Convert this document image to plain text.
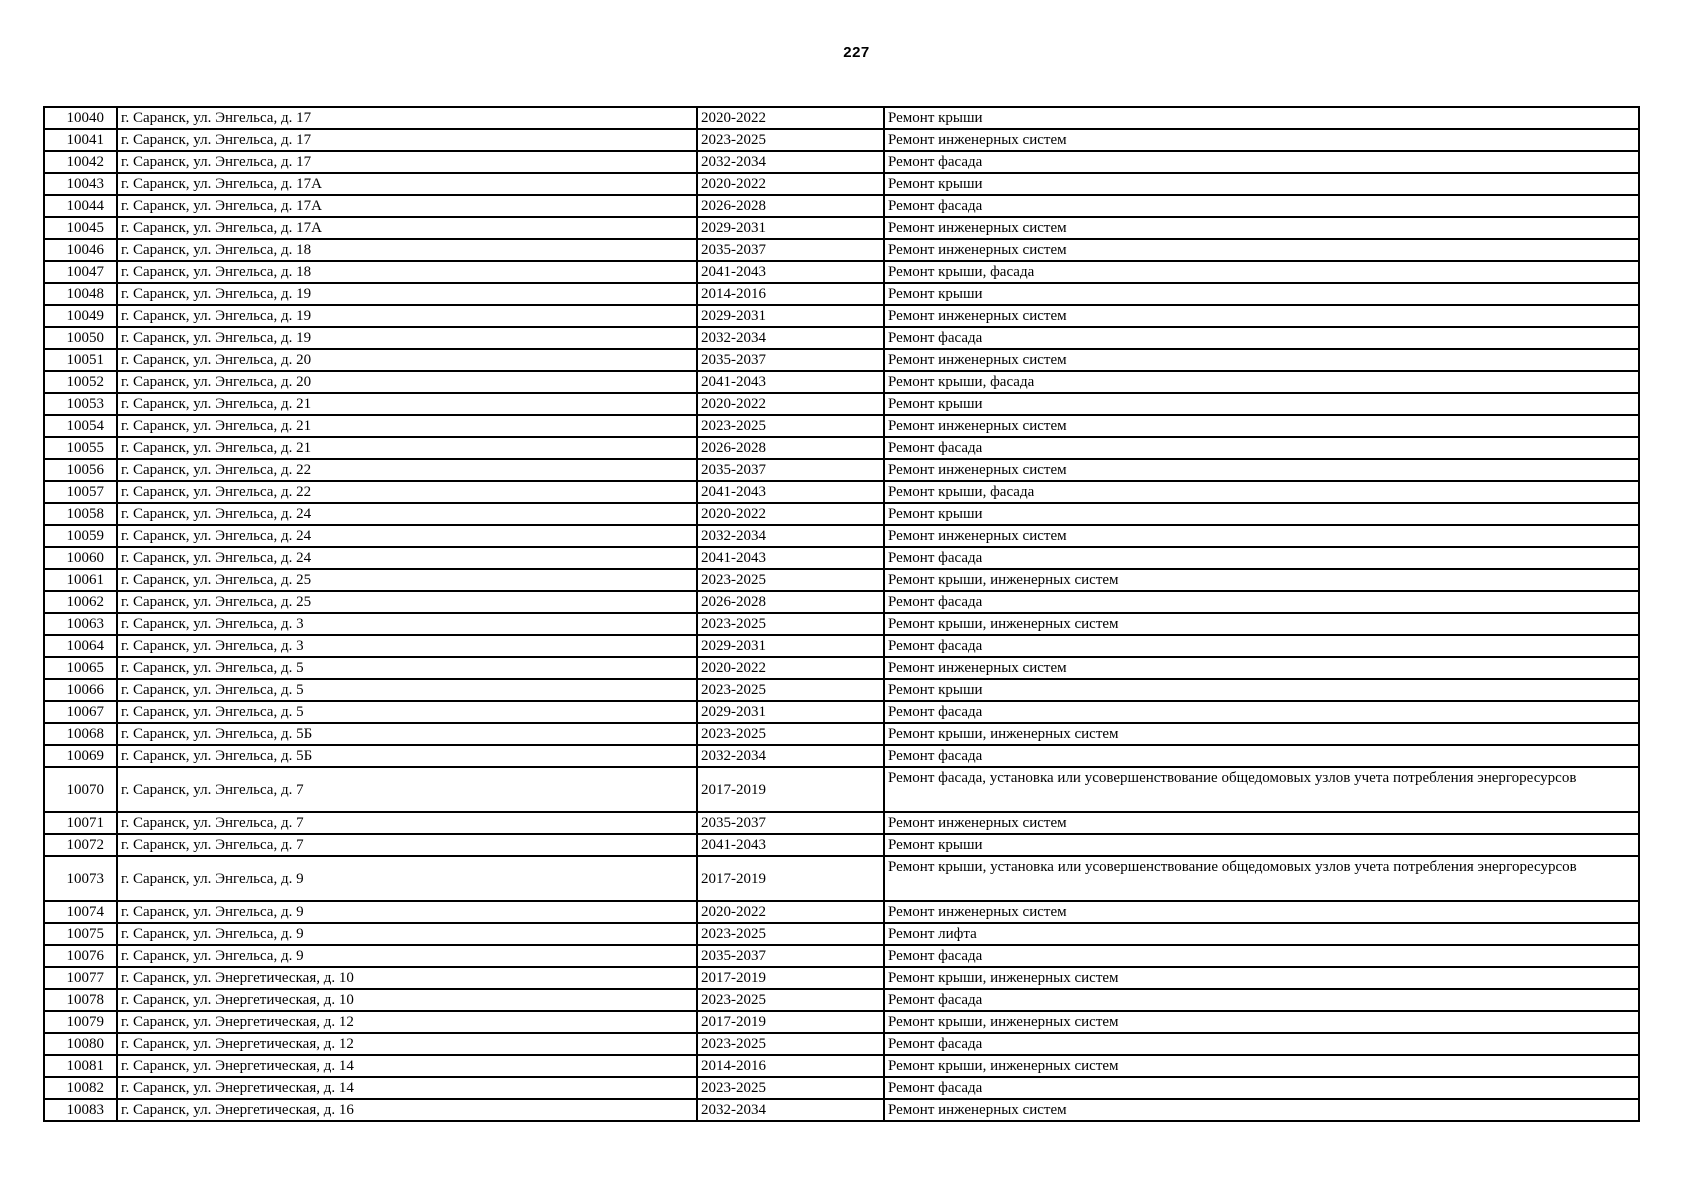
227
10040	г. Саранск, ул. Энгельса, д. 17	2020-2022	Ремонт крыши
10041	г. Саранск, ул. Энгельса, д. 17	2023-2025	Ремонт инженерных систем
10042	г. Саранск, ул. Энгельса, д. 17	2032-2034	Ремонт фасада
10043	г. Саранск, ул. Энгельса, д. 17А	2020-2022	Ремонт крыши
10044	г. Саранск, ул. Энгельса, д. 17А	2026-2028	Ремонт фасада
10045	г. Саранск, ул. Энгельса, д. 17А	2029-2031	Ремонт инженерных систем
10046	г. Саранск, ул. Энгельса, д. 18	2035-2037	Ремонт инженерных систем
10047	г. Саранск, ул. Энгельса, д. 18	2041-2043	Ремонт крыши, фасада
10048	г. Саранск, ул. Энгельса, д. 19	2014-2016	Ремонт крыши
10049	г. Саранск, ул. Энгельса, д. 19	2029-2031	Ремонт инженерных систем
10050	г. Саранск, ул. Энгельса, д. 19	2032-2034	Ремонт фасада
10051	г. Саранск, ул. Энгельса, д. 20	2035-2037	Ремонт инженерных систем
10052	г. Саранск, ул. Энгельса, д. 20	2041-2043	Ремонт крыши, фасада
10053	г. Саранск, ул. Энгельса, д. 21	2020-2022	Ремонт крыши
10054	г. Саранск, ул. Энгельса, д. 21	2023-2025	Ремонт инженерных систем
10055	г. Саранск, ул. Энгельса, д. 21	2026-2028	Ремонт фасада
10056	г. Саранск, ул. Энгельса, д. 22	2035-2037	Ремонт инженерных систем
10057	г. Саранск, ул. Энгельса, д. 22	2041-2043	Ремонт крыши, фасада
10058	г. Саранск, ул. Энгельса, д. 24	2020-2022	Ремонт крыши
10059	г. Саранск, ул. Энгельса, д. 24	2032-2034	Ремонт инженерных систем
10060	г. Саранск, ул. Энгельса, д. 24	2041-2043	Ремонт фасада
10061	г. Саранск, ул. Энгельса, д. 25	2023-2025	Ремонт крыши, инженерных систем
10062	г. Саранск, ул. Энгельса, д. 25	2026-2028	Ремонт фасада
10063	г. Саранск, ул. Энгельса, д. 3	2023-2025	Ремонт крыши, инженерных систем
10064	г. Саранск, ул. Энгельса, д. 3	2029-2031	Ремонт фасада
10065	г. Саранск, ул. Энгельса, д. 5	2020-2022	Ремонт инженерных систем
10066	г. Саранск, ул. Энгельса, д. 5	2023-2025	Ремонт крыши
10067	г. Саранск, ул. Энгельса, д. 5	2029-2031	Ремонт фасада
10068	г. Саранск, ул. Энгельса, д. 5Б	2023-2025	Ремонт крыши, инженерных систем
10069	г. Саранск, ул. Энгельса, д. 5Б	2032-2034	Ремонт фасада
10070	г. Саранск, ул. Энгельса, д. 7	2017-2019	Ремонт фасада, установка или усовершенствование общедомовых узлов учета потребления энергоресурсов
10071	г. Саранск, ул. Энгельса, д. 7	2035-2037	Ремонт инженерных систем
10072	г. Саранск, ул. Энгельса, д. 7	2041-2043	Ремонт крыши
10073	г. Саранск, ул. Энгельса, д. 9	2017-2019	Ремонт крыши, установка или усовершенствование общедомовых узлов учета потребления энергоресурсов
10074	г. Саранск, ул. Энгельса, д. 9	2020-2022	Ремонт инженерных систем
10075	г. Саранск, ул. Энгельса, д. 9	2023-2025	Ремонт лифта
10076	г. Саранск, ул. Энгельса, д. 9	2035-2037	Ремонт фасада
10077	г. Саранск, ул. Энергетическая, д. 10	2017-2019	Ремонт крыши, инженерных систем
10078	г. Саранск, ул. Энергетическая, д. 10	2023-2025	Ремонт фасада
10079	г. Саранск, ул. Энергетическая, д. 12	2017-2019	Ремонт крыши, инженерных систем
10080	г. Саранск, ул. Энергетическая, д. 12	2023-2025	Ремонт фасада
10081	г. Саранск, ул. Энергетическая, д. 14	2014-2016	Ремонт крыши, инженерных систем
10082	г. Саранск, ул. Энергетическая, д. 14	2023-2025	Ремонт фасада
10083	г. Саранск, ул. Энергетическая, д. 16	2032-2034	Ремонт инженерных систем
